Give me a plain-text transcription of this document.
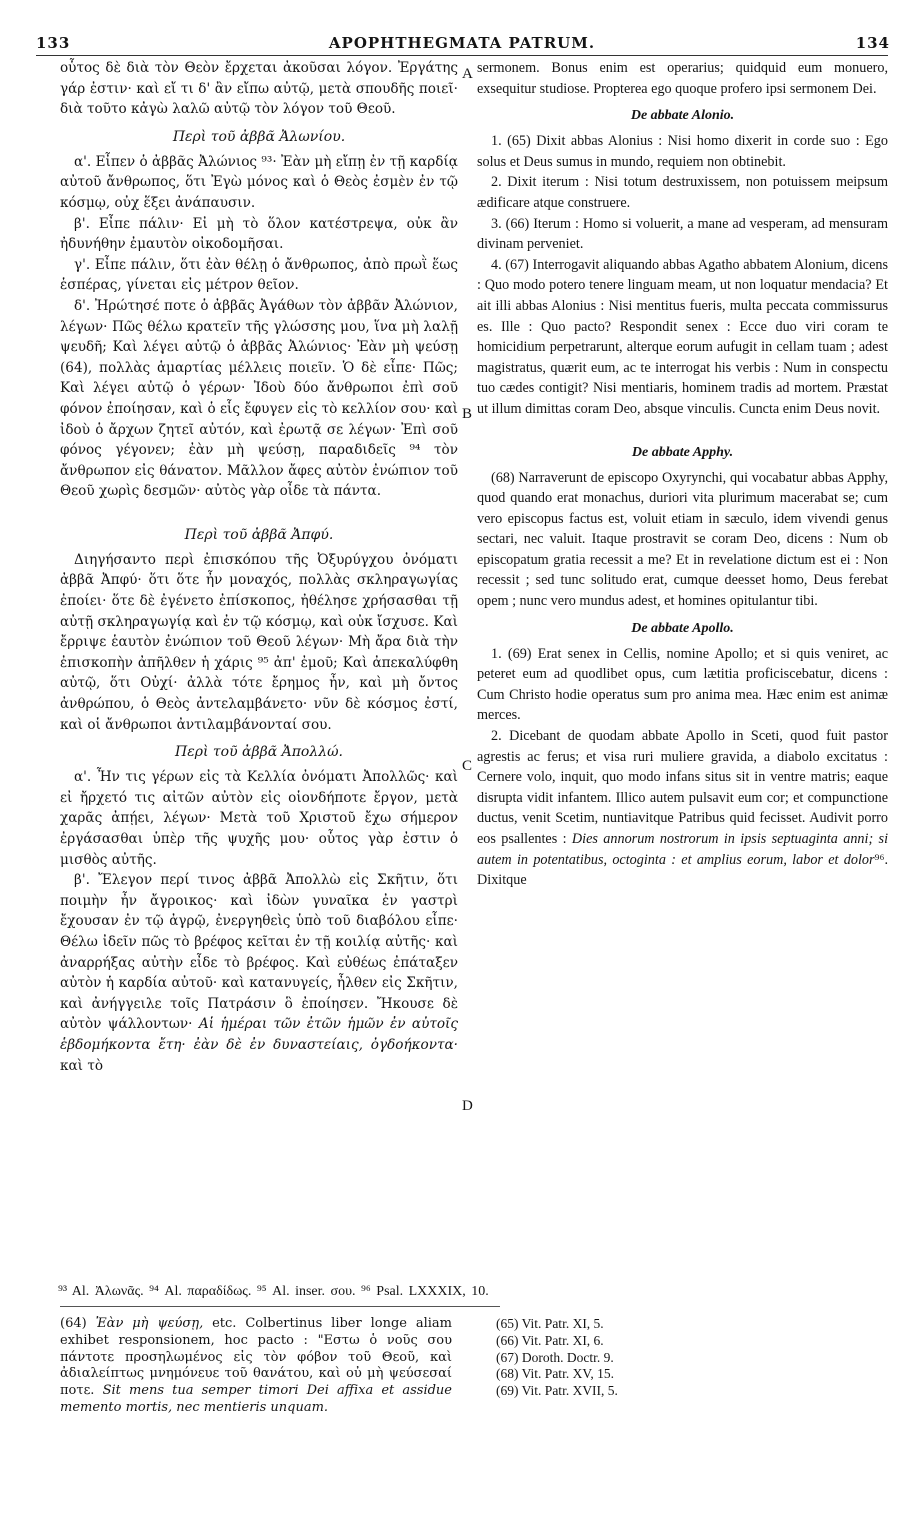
133	APOPHTHEGMATA PATRUM.	134
A
B
C
D

οὗτος δὲ διὰ τὸν Θεὸν ἔρχεται ἀκοῦσαι λόγον. Ἐργάτης γάρ ἐστιν· καὶ εἴ τι δ' ἂν εἴπω αὐτῷ, μετὰ σπουδῆς ποιεῖ· διὰ τοῦτο κἀγὼ λαλῶ αὐτῷ τὸν λόγον τοῦ Θεοῦ.

Περὶ τοῦ ἀββᾶ Ἀλωνίου.

α'. Εἶπεν ὁ ἀββᾶς Ἀλώνιος ⁹³· Ἐὰν μὴ εἴπῃ ἐν τῇ καρδίᾳ αὐτοῦ ἄνθρωπος, ὅτι Ἐγὼ μόνος καὶ ὁ Θεὸς ἐσμὲν ἐν τῷ κόσμῳ, οὐχ ἕξει ἀνάπαυσιν.

β'. Εἶπε πάλιν· Εἰ μὴ τὸ ὅλον κατέστρεψα, οὐκ ἂν ἠδυνήθην ἐμαυτὸν οἰκοδομῆσαι.

γ'. Εἶπε πάλιν, ὅτι ἐὰν θέλῃ ὁ ἄνθρωπος, ἀπὸ πρωῒ ἕως ἑσπέρας, γίνεται εἰς μέτρον θεῖον.

δ'. Ἠρώτησέ ποτε ὁ ἀββᾶς Ἀγάθων τὸν ἀββᾶν Ἀλώνιον, λέγων· Πῶς θέλω κρατεῖν τῆς γλώσσης μου, ἵνα μὴ λαλῇ ψευδῆ; Καὶ λέγει αὐτῷ ὁ ἀββᾶς Ἀλώνιος· Ἐὰν μὴ ψεύσῃ (64), πολλὰς ἁμαρτίας μέλλεις ποιεῖν. Ὁ δὲ εἶπε· Πῶς; Καὶ λέγει αὐτῷ ὁ γέρων· Ἰδοὺ δύο ἄνθρωποι ἐπὶ σοῦ φόνον ἐποίησαν, καὶ ὁ εἷς ἔφυγεν εἰς τὸ κελλίον σου· καὶ ἰδοὺ ὁ ἄρχων ζητεῖ αὐτόν, καὶ ἐρωτᾷ σε λέγων· Ἐπὶ σοῦ φόνος γέγονεν; ἐὰν μὴ ψεύσῃ, παραδιδεῖς ⁹⁴ τὸν ἄνθρωπον εἰς θάνατον. Μᾶλλον ἄφες αὐτὸν ἐνώπιον τοῦ Θεοῦ χωρὶς δεσμῶν· αὐτὸς γὰρ οἶδε τὰ πάντα.

Περὶ τοῦ ἀββᾶ Ἀπφύ.

Διηγήσαντο περὶ ἐπισκόπου τῆς Ὀξυρύγχου ὀνόματι ἀββᾶ Ἀπφύ· ὅτι ὅτε ἦν μοναχός, πολλὰς σκληραγωγίας ἐποίει· ὅτε δὲ ἐγένετο ἐπίσκοπος, ἠθέλησε χρήσασθαι τῇ αὐτῇ σκληραγωγίᾳ καὶ ἐν τῷ κόσμῳ, καὶ οὐκ ἴσχυσε. Καὶ ἔρριψε ἑαυτὸν ἐνώπιον τοῦ Θεοῦ λέγων· Μὴ ἄρα διὰ τὴν ἐπισκοπὴν ἀπῆλθεν ἡ χάρις ⁹⁵ ἀπ' ἐμοῦ; Καὶ ἀπεκαλύφθη αὐτῷ, ὅτι Οὐχί· ἀλλὰ τότε ἔρημος ἦν, καὶ μὴ ὄντος ἀνθρώπου, ὁ Θεὸς ἀντελαμβάνετο· νῦν δὲ κόσμος ἐστί, καὶ οἱ ἄνθρωποι ἀντιλαμβάνονταί σου.

Περὶ τοῦ ἀββᾶ Ἀπολλώ.

α'. Ἦν τις γέρων εἰς τὰ Κελλία ὀνόματι Ἀπολλῶς· καὶ εἰ ἤρχετό τις αἰτῶν αὐτὸν εἰς οἱονδήποτε ἔργον, μετὰ χαρᾶς ἀπῄει, λέγων· Μετὰ τοῦ Χριστοῦ ἔχω σήμερον ἐργάσασθαι ὑπὲρ τῆς ψυχῆς μου· οὗτος γὰρ ἐστιν ὁ μισθὸς αὐτῆς.

β'. Ἔλεγον περί τινος ἀββᾶ Ἀπολλὼ εἰς Σκῆτιν, ὅτι ποιμὴν ἦν ἄγροικος· καὶ ἰδὼν γυναῖκα ἐν γαστρὶ ἔχουσαν ἐν τῷ ἀγρῷ, ἐνεργηθεὶς ὑπὸ τοῦ διαβόλου εἶπε· Θέλω ἰδεῖν πῶς τὸ βρέφος κεῖται ἐν τῇ κοιλίᾳ αὐτῆς· καὶ ἀναρρήξας αὐτὴν εἶδε τὸ βρέφος. Καὶ εὐθέως ἐπάταξεν αὐτὸν ἡ καρδία αὐτοῦ· καὶ κατανυγείς, ἦλθεν εἰς Σκῆτιν, καὶ ἀνήγγειλε τοῖς Πατράσιν ὃ ἐποίησεν. Ἤκουσε δὲ αὐτὸν ψάλλοντων· Αἱ ἡμέραι τῶν ἐτῶν ἡμῶν ἐν αὐτοῖς ἑβδομήκοντα ἔτη· ἐὰν δὲ ἐν δυναστείαις, ὀγδοήκοντα· καὶ τὸ

sermonem. Bonus enim est operarius; quidquid eum monuero, exsequitur studiose. Propterea ego quoque profero ipsi sermonem Dei.

De abbate Alonio.

1. (65) Dixit abbas Alonius : Nisi homo dixerit in corde suo : Ego solus et Deus sumus in mundo, requiem non obtinebit.

2. Dixit iterum : Nisi totum destruxissem, non potuissem meipsum ædificare atque construere.

3. (66) Iterum : Homo si voluerit, a mane ad vesperam, ad mensuram divinam perveniet.

4. (67) Interrogavit aliquando abbas Agatho abbatem Alonium, dicens : Quo modo potero tenere linguam meam, ut non loquatur mendacia? Et ait illi abbas Alonius : Nisi mentitus fueris, multa peccata commissurus es. Ille : Quo pacto? Respondit senex : Ecce duo viri coram te homicidium perpetrarunt, alterque eorum aufugit in cellam tuam ; adest magistratus, quærit eum, ac te interrogat his verbis : Num in conspectu tuo cædes contigit? Nisi mentiaris, hominem tradis ad mortem. Præstat ut illum dimittas coram Deo, absque vinculis. Cuncta enim Deus novit.

De abbate Apphy.

(68) Narraverunt de episcopo Oxyrynchi, qui vocabatur abbas Apphy, quod quando erat monachus, duriori vita plurimum macerabat se; cum vero episcopus factus est, voluit etiam in sæculo, idem vivendi genus sectari, nec valuit. Itaque prostravit se coram Deo, dicens : Num ob episcopatum gratia recessit a me? Et in revelatione dictum est ei : Non recessit ; sed tunc solitudo erat, cumque deesset homo, Deus ferebat opem ; nunc vero mundus adest, et homines opitulantur tibi.

De abbate Apollo.

1. (69) Erat senex in Cellis, nomine Apollo; et si quis veniret, ac peteret eum ad quodlibet opus, cum lætitia proficiscebatur, dicens : Cum Christo hodie operatus sum pro anima mea. Hæc enim est animæ merces.

2. Dicebant de quodam abbate Apollo in Sceti, quod fuit pastor agrestis ac ferus; et visa ruri muliere gravida, a diabolo excitatus : Cernere volo, inquit, quo modo infans situs sit in ventre matris; eaque disrupta vidit infantem. Illico autem pulsavit eum cor; et compunctione ductus, venit Scetim, nuntiavitque Patribus quid fecisset. Audivit porro eos psallentes : Dies annorum nostrorum in ipsis septuaginta anni; si autem in potentatibus, octoginta : et amplius eorum, labor et dolor⁹⁶. Dixitque

⁹³ Al. Ἀλωνᾶς. ⁹⁴ Al. παραδίδως. ⁹⁵ Al. inser. σου. ⁹⁶ Psal. LXXXIX, 10.
(64) Ἐὰν μὴ ψεύσῃ, etc. Colbertinus liber longe aliam exhibet responsionem, hoc pacto : "Εστω ὁ νοῦς σου πάντοτε προσηλωμένος εἰς τὸν φόβον τοῦ Θεοῦ, καὶ ἀδιαλείπτως μνημόνευε τοῦ θανάτου, καὶ οὐ μὴ ψεύσεσαί ποτε. Sit mens tua semper timori Dei affixa et assidue memento mortis, nec mentieris unquam.
(65) Vit. Patr. XI, 5.
(66) Vit. Patr. XI, 6.
(67) Doroth. Doctr. 9.
(68) Vit. Patr. XV, 15.
(69) Vit. Patr. XVII, 5.
